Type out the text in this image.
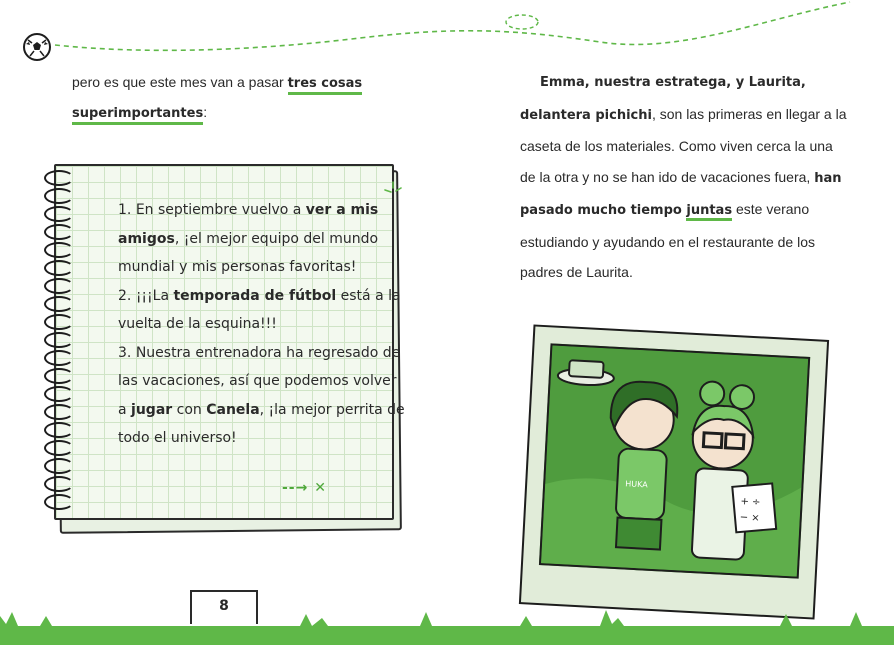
pero es que este mes van a pasar tres cosas
superimportantes:
1. En septiembre vuelvo a ver a mis amigos, ¡el mejor equipo del mundo mundial y mis personas favoritas!
2. ¡¡¡La temporada de fútbol está a la vuelta de la esquina!!!
3. Nuestra entrenadora ha regresado de las vacaciones, así que podemos volver a jugar con Canela, ¡la mejor perrita de todo el universo!
--→ ✕
Emma, nuestra estratega, y Laurita, delantera pichichi, son las primeras en llegar a la caseta de los materiales. Como viven cerca la una de la otra y no se han ido de vacaciones fuera, han pasado mucho tiempo juntas este verano estudiando y ayudando en el restaurante de los padres de Laurita.
HUKA
+ ÷
− ×
8
